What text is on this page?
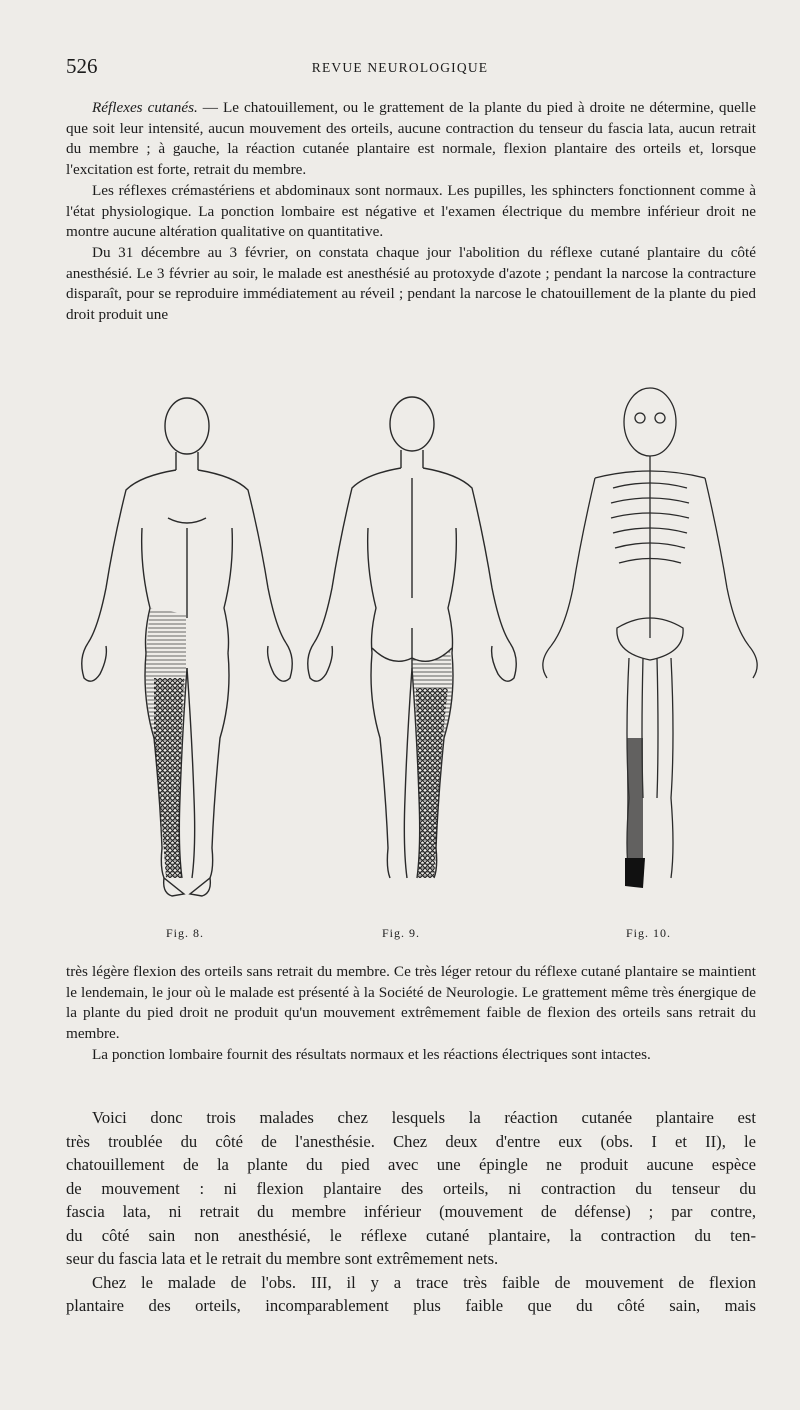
526	REVUE NEUROLOGIQUE

Réflexes cutanés. — Le chatouillement, ou le grattement de la plante du pied à droite ne détermine, quelle que soit leur intensité, aucun mouvement des orteils, aucune contraction du tenseur du fascia lata, aucun retrait du membre ; à gauche, la réaction cutanée plantaire est normale, flexion plantaire des orteils et, lorsque l'excitation est forte, retrait du membre.

Les réflexes crémastériens et abdominaux sont normaux. Les pupilles, les sphincters fonctionnent comme à l'état physiologique. La ponction lombaire est négative et l'examen électrique du membre inférieur droit ne montre aucune altération qualitative on quantitative.

Du 31 décembre au 3 février, on constata chaque jour l'abolition du réflexe cutané plantaire du côté anesthésié. Le 3 février au soir, le malade est anesthésié au protoxyde d'azote ; pendant la narcose la contracture disparaît, pour se reproduire immédiatement au réveil ; pendant la narcose le chatouillement de la plante du pied droit produit une

Fig. 8.	Fig. 9.	Fig. 10.

très légère flexion des orteils sans retrait du membre. Ce très léger retour du réflexe cutané plantaire se maintient le lendemain, le jour où le malade est présenté à la Société de Neurologie. Le grattement même très énergique de la plante du pied droit ne produit qu'un mouvement extrêmement faible de flexion des orteils sans retrait du membre.

La ponction lombaire fournit des résultats normaux et les réactions électriques sont intactes.

Voici donc trois malades chez lesquels la réaction cutanée plantaire est
très troublée du côté de l'anesthésie. Chez deux d'entre eux (obs. I et II), le
chatouillement de la plante du pied avec une épingle ne produit aucune espèce
de mouvement : ni flexion plantaire des orteils, ni contraction du tenseur du
fascia lata, ni retrait du membre inférieur (mouvement de défense) ; par contre,
du côté sain non anesthésié, le réflexe cutané plantaire, la contraction du ten-
seur du fascia lata et le retrait du membre sont extrêmement nets.
Chez le malade de l'obs. III, il y a trace très faible de mouvement de flexion
plantaire des orteils, incomparablement plus faible que du côté sain, mais
